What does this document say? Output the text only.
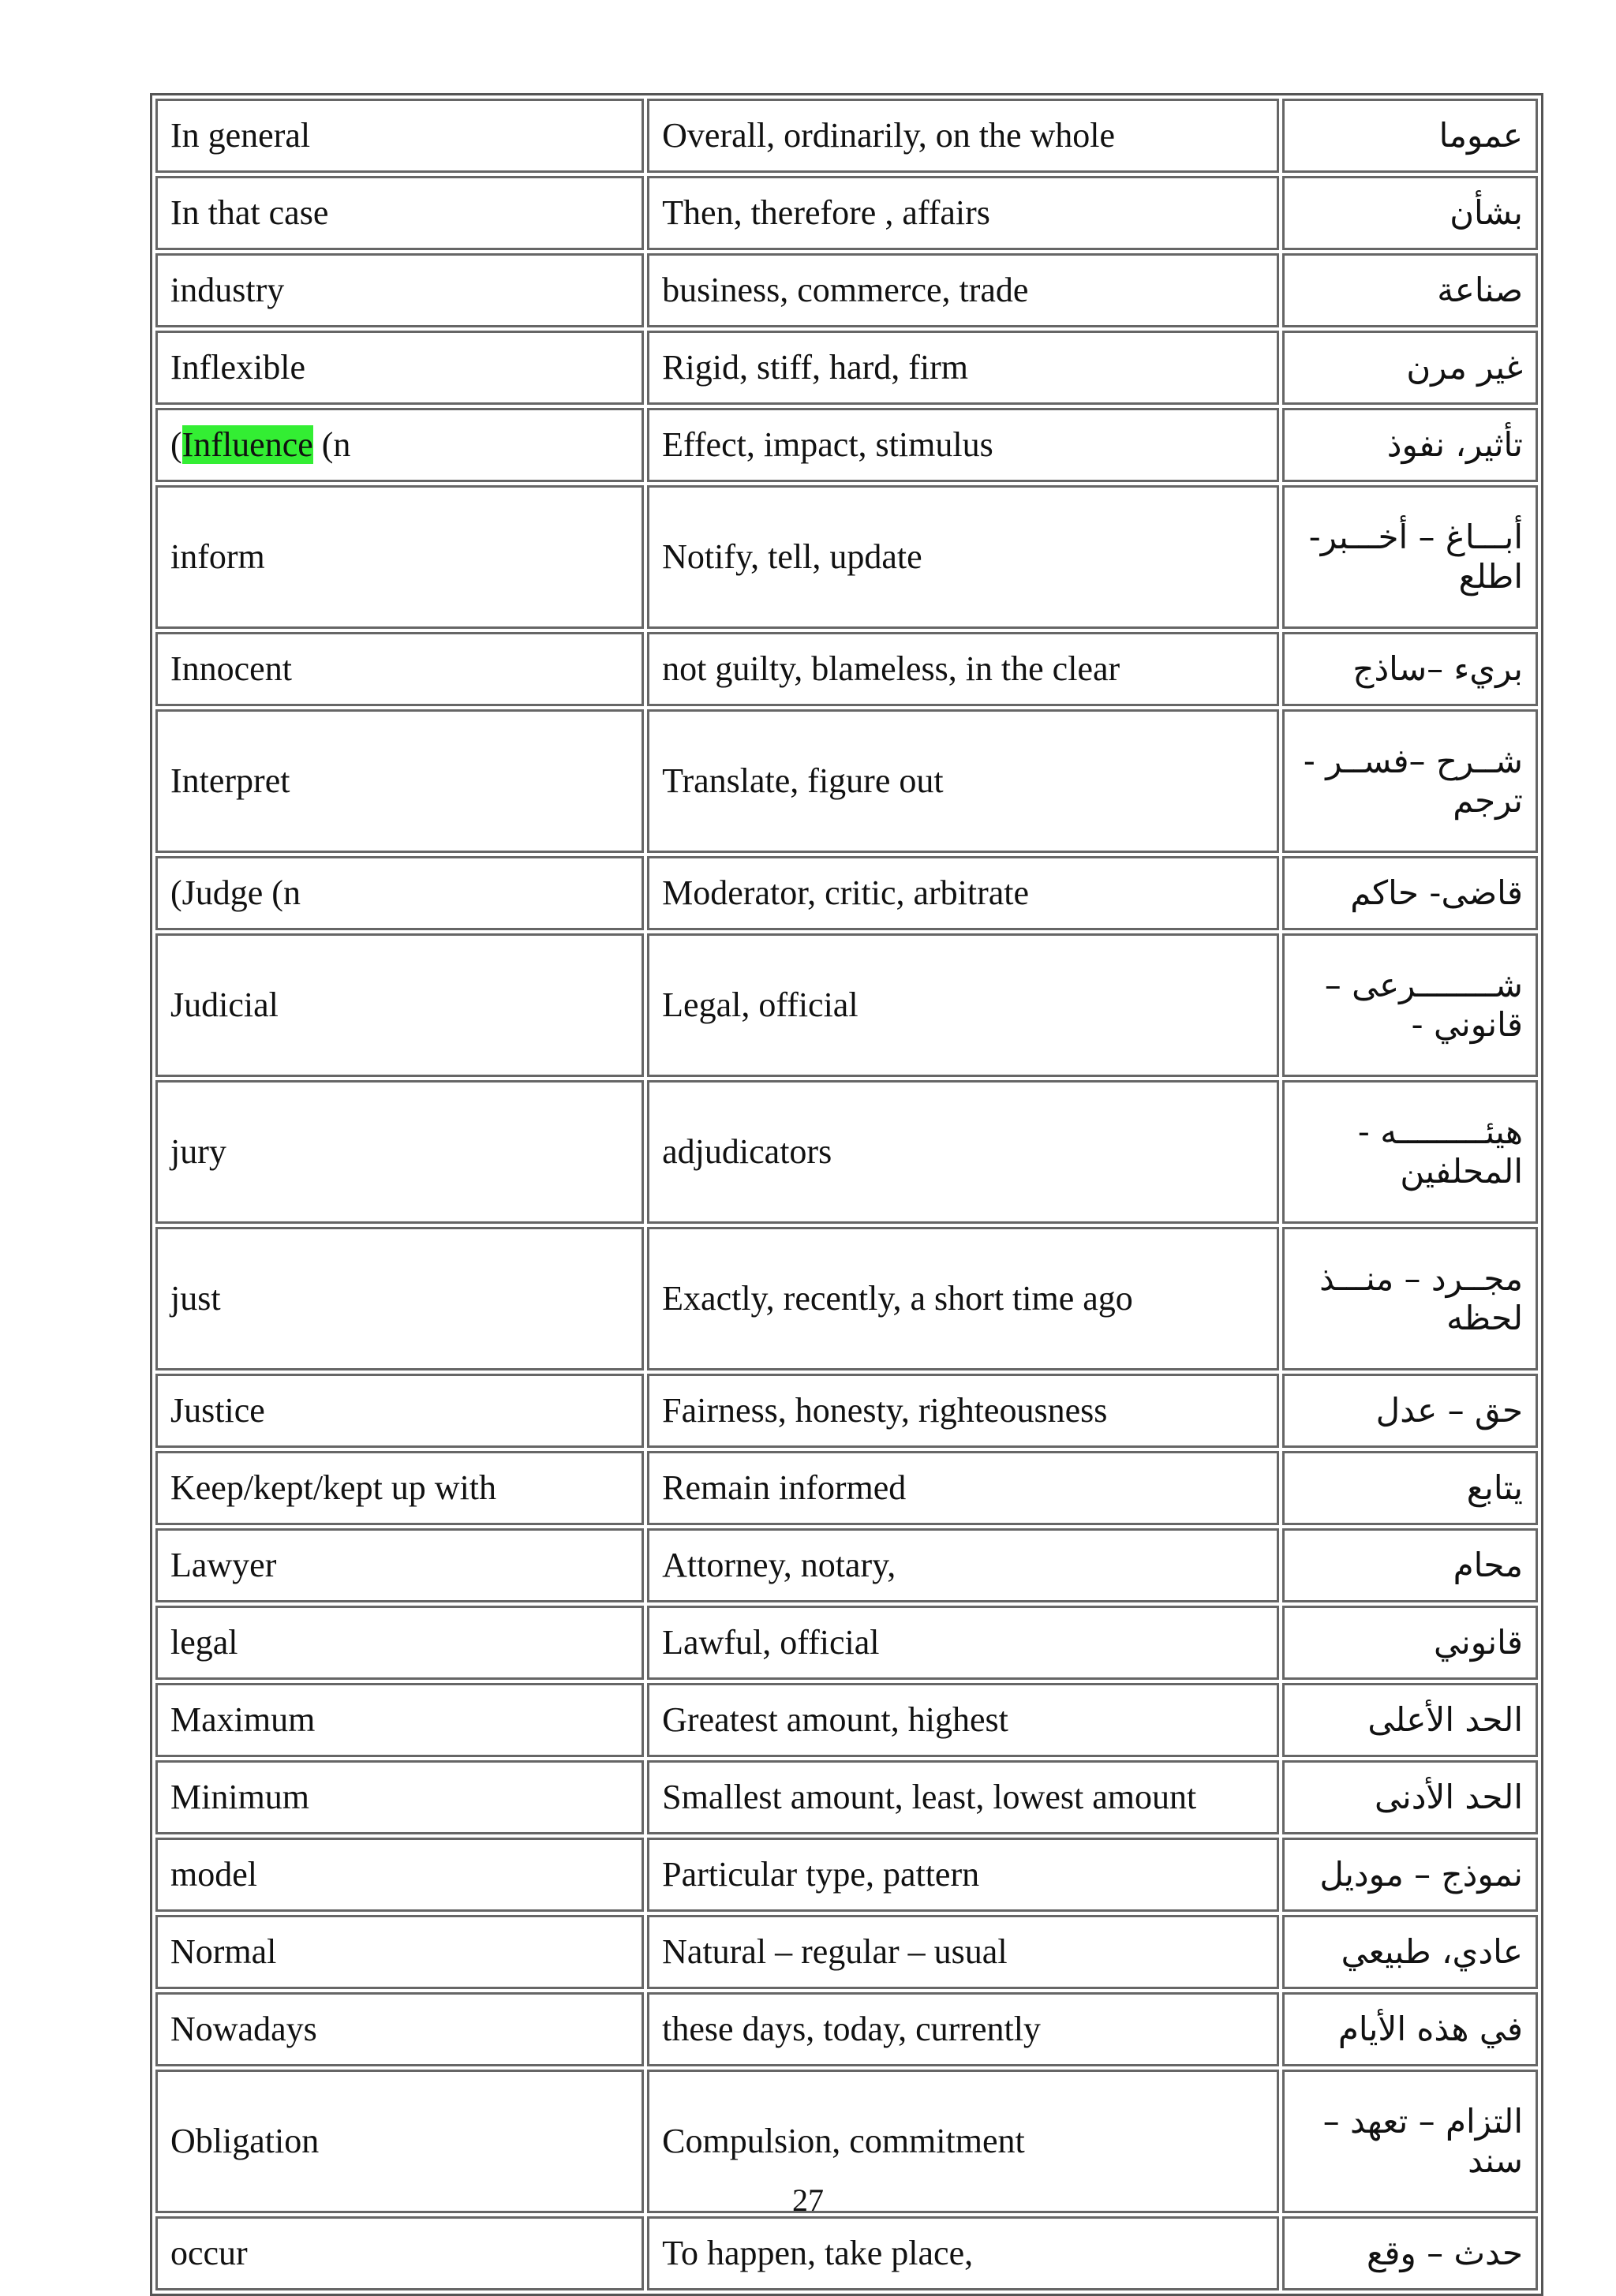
In general	Overall, ordinarily, on the whole	عموما
In that case	Then, therefore , affairs	بشأن
industry	business, commerce, trade	صناعة
Inflexible	Rigid, stiff, hard, firm	غير مرن
(Influence (n	Effect, impact, stimulus	تأثير، نفوذ
inform	Notify, tell, update	أبـــاغ – أخـــبر- اطلع
Innocent	not guilty, blameless, in the clear	بريء –ساذج
Interpret	Translate, figure out	شــرح –فســر - ترجم
(Judge (n	Moderator, critic, arbitrate	قاضى- حاكم
Judicial	Legal, official	شــــــــرعى – قانوني -
jury	adjudicators	هيئـــــــــه - المحلفين
just	Exactly, recently, a short time ago	مجــرد – منـــذ لحظه
Justice	Fairness, honesty, righteousness	حق – عدل
Keep/kept/kept up with	Remain informed	يتابع
Lawyer	Attorney, notary,	محام
legal	Lawful, official	قانوني
Maximum	Greatest amount, highest	الحد الأعلى
Minimum	Smallest amount, least, lowest amount	الحد الأدنى
model	Particular type, pattern	نموذج – موديل
Normal	Natural – regular – usual	عادي، طبيعي
Nowadays	these days, today, currently	في هذه الأيام
Obligation	Compulsion, commitment	التزام – تعهد – سند
occur	To happen, take place,	حدث – وقع
27
